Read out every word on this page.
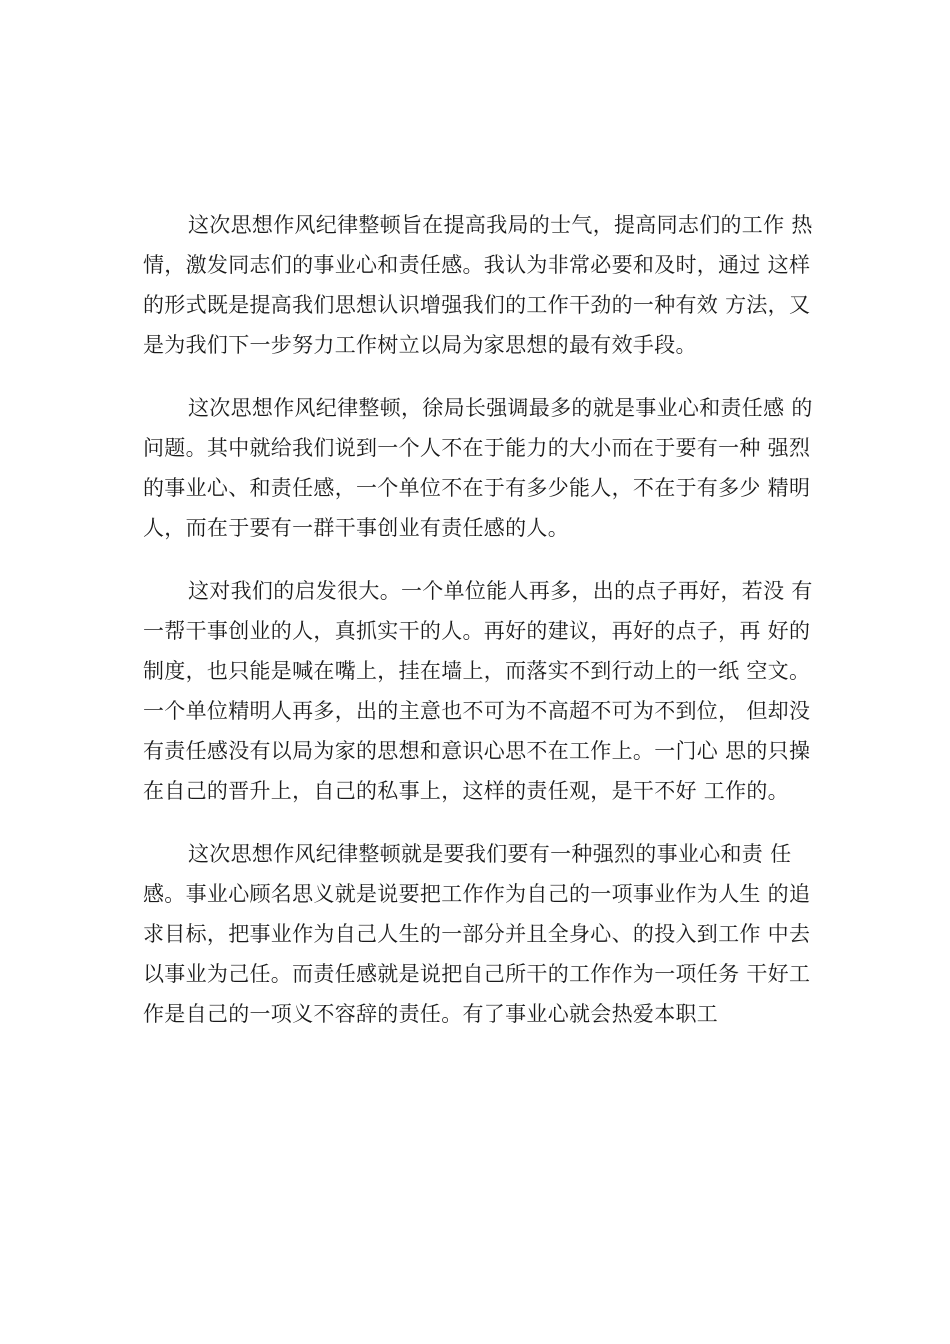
这次思想作风纪律整顿旨在提高我局的士气，提高同志们的工作 热
情，激发同志们的事业心和责任感。我认为非常必要和及时，通过 这样
的形式既是提高我们思想认识增强我们的工作干劲的一种有效 方法，又
是为我们下一步努力工作树立以局为家思想的最有效手段。

这次思想作风纪律整顿，徐局长强调最多的就是事业心和责任感 的
问题。其中就给我们说到一个人不在于能力的大小而在于要有一种 强烈
的事业心、和责任感，一个单位不在于有多少能人，不在于有多少 精明
人，而在于要有一群干事创业有责任感的人。

这对我们的启发很大。一个单位能人再多，出的点子再好，若没 有
一帮干事创业的人，真抓实干的人。再好的建议，再好的点子，再 好的
制度，也只能是喊在嘴上，挂在墙上，而落实不到行动上的一纸 空文。
一个单位精明人再多，出的主意也不可为不高超不可为不到位， 但却没
有责任感没有以局为家的思想和意识心思不在工作上。一门心 思的只操
在自己的晋升上，自己的私事上，这样的责任观，是干不好 工作的。

这次思想作风纪律整顿就是要我们要有一种强烈的事业心和责 任
感。事业心顾名思义就是说要把工作作为自己的一项事业作为人生 的追
求目标，把事业作为自己人生的一部分并且全身心、的投入到工作 中去
以事业为己任。而责任感就是说把自己所干的工作作为一项任务 干好工
作是自己的一项义不容辞的责任。有了事业心就会热爱本职工
